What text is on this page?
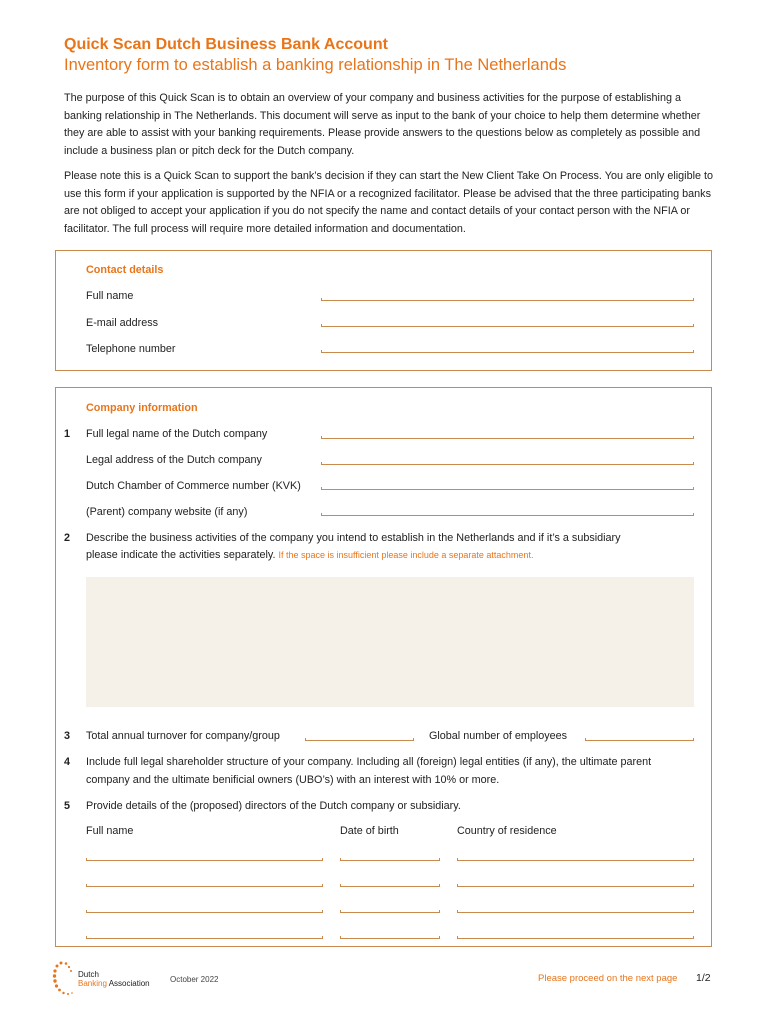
Quick Scan Dutch Business Bank Account
Inventory form to establish a banking relationship in The Netherlands
The purpose of this Quick Scan is to obtain an overview of your company and business activities for the purpose of establishing a banking relationship in The Netherlands. This document will serve as input to the bank of your choice to help them determine whether they are able to assist with your banking requirements. Please provide answers to the questions below as completely as possible and include a business plan or pitch deck for the Dutch company.
Please note this is a Quick Scan to support the bank’s decision if they can start the New Client Take On Process. You are only eligible to use this form if your application is supported by the NFIA or a recognized facilitator. Please be advised that the three participating banks are not obliged to accept your application if you do not specify the name and contact details of your contact person with the NFIA or facilitator. The full process will require more detailed information and documentation.
Contact details
Full name
E-mail address
Telephone number
Company information
1 Full legal name of the Dutch company
Legal address of the Dutch company
Dutch Chamber of Commerce number (KVK)
(Parent) company website (if any)
2 Describe the business activities of the company you intend to establish in the Netherlands and if it’s a subsidiary
please indicate the activities separately. If the space is insufficient please include a separate attachment.
3 Total annual turnover for company/group	Global number of employees
4 Include full legal shareholder structure of your company. Including all (foreign) legal entities (if any), the ultimate parent
company and the ultimate benificial owners (UBO’s) with an interest with 10% or more.
5 Provide details of the (proposed) directors of the Dutch company or subsidiary.
Full name	Date of birth	Country of residence
Dutch
Banking Association	October 2022	Please proceed on the next page 1/2
